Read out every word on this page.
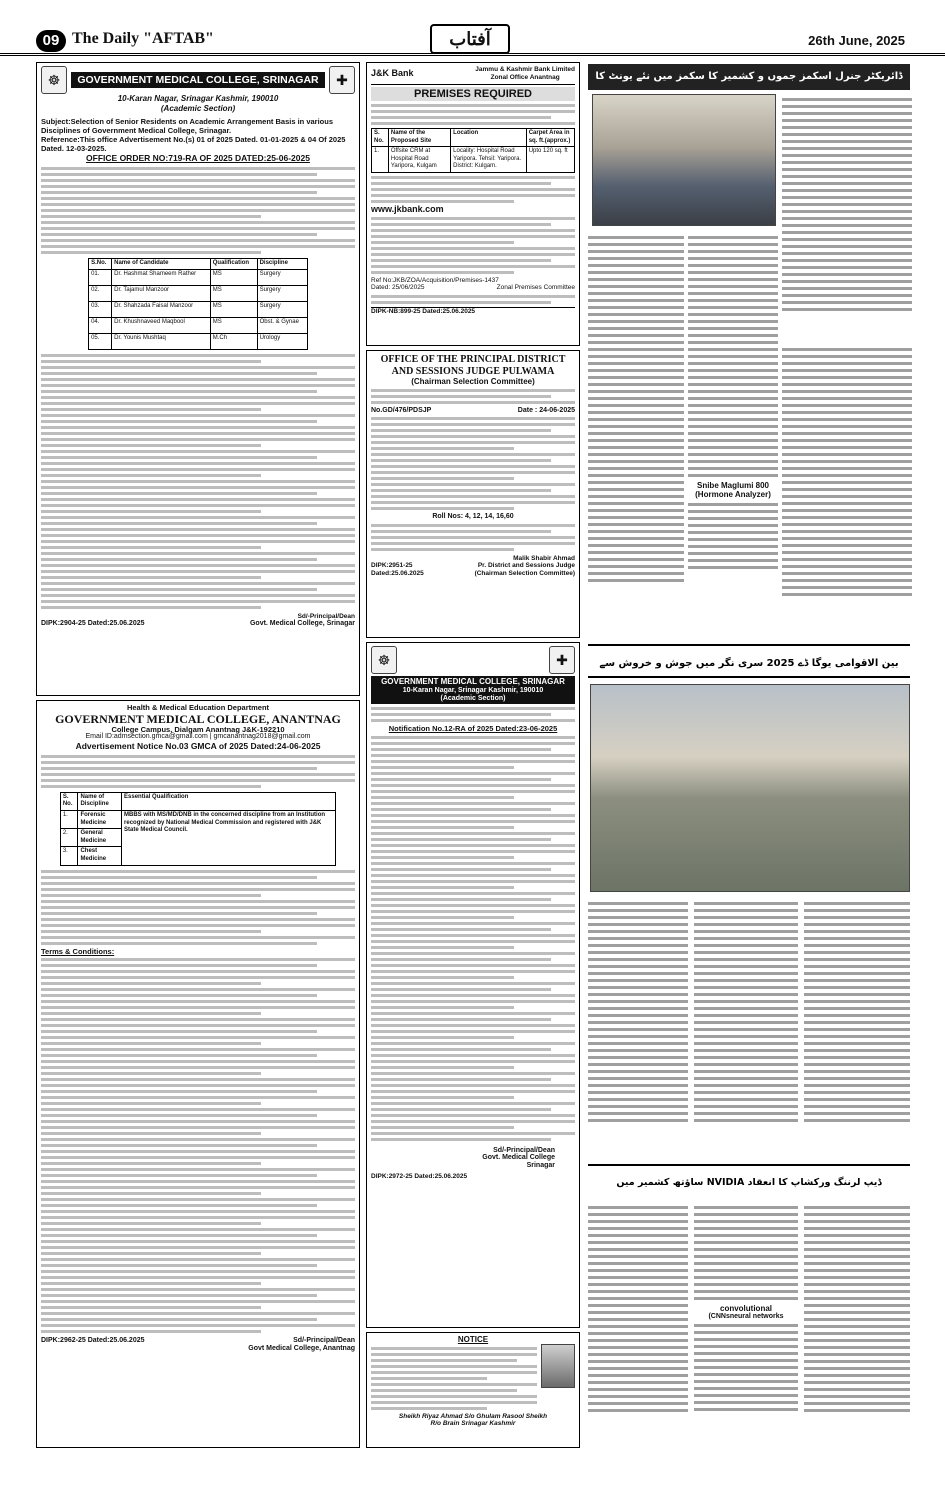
09 The Daily "AFTAB"	آفتاب	26th June, 2025
☸	GOVERNMENT MEDICAL COLLEGE, SRINAGAR	✚
10-Karan Nagar, Srinagar Kashmir, 190010
(Academic Section)
Subject:Selection of Senior Residents on Academic Arrangement Basis in various Disciplines of Government Medical College, Srinagar.
Reference:This office Advertisement No.(s) 01 of 2025 Dated. 01-01-2025 & 04 Of 2025 Dated. 12-03-2025.
OFFICE ORDER NO:719-RA OF 2025 DATED:25-06-2025
S.No.	Name of Candidate	Qualification	Discipline
01.	Dr. Hashmat Shameem Rather	MS	Surgery
02.	Dr. Tajamul Manzoor	MS	Surgery
03.	Dr. Shahzada Faisal Manzoor	MS	Surgery
04.	Dr. Khushnaveed Maqbool	MS	Obst. & Gynae
05.	Dr. Younis Mushtaq	M.Ch	Urology
Sd/-Principal/Dean
DIPK:2904-25 Dated:25.06.2025	Govt. Medical College, Srinagar
Health & Medical Education Department
GOVERNMENT MEDICAL COLLEGE, ANANTNAG
College Campus, Dialgam Anantnag J&K-192210
Email ID:admsection.gmca@gmail.com | gmcanantnag2018@gmail.com
Advertisement Notice No.03 GMCA of 2025 Dated:24-06-2025
S. No.	Name of Discipline	Essential Qualification
1.	Forensic Medicine	MBBS with MS/MD/DNB in the concerned discipline from an Institution recognized by National Medical Commission and registered with J&K State Medical Council.
2.	General Medicine	
3.	Chest Medicine	
Terms & Conditions:
DIPK:2962-25 Dated:25.06.2025	Sd/-Principal/Dean
Govt Medical College, Anantnag
J&K Bank	Jammu & Kashmir Bank Limited
Zonal Office Anantnag
PREMISES REQUIRED
S. No.	Name of the Proposed Site	Location	Carpet Area in sq. ft.(approx.)
1.	Offsite CRM at Hospital Road Yaripora, Kulgam	Locality: Hospital Road Yaripora. Tehsil: Yaripora. District: Kulgam.	Upto 120 sq. ft
www.jkbank.com
Ref No:JKB/ZOA/Acquisition/Premises-1437
Dated: 25/06/2025	Zonal Premises Committee
DIPK-NB:899-25 Dated:25.06.2025
OFFICE OF THE PRINCIPAL DISTRICT AND SESSIONS JUDGE PULWAMA
(Chairman Selection Committee)
No.GD/476/PDSJP	Date : 24-06-2025
Roll Nos: 4, 12, 14, 16,60
Malik Shabir Ahmad
DIPK:2951-25	Pr. District and Sessions Judge
Dated:25.06.2025	(Chairman Selection Committee)
☸	✚
GOVERNMENT MEDICAL COLLEGE, SRINAGAR
10-Karan Nagar, Srinagar Kashmir, 190010
(Academic Section)
Notification No.12-RA of 2025 Dated:23-06-2025
Sd/-Principal/Dean
Govt. Medical College
Srinagar
DIPK:2972-25 Dated:25.06.2025
NOTICE
Sheikh Riyaz Ahmad S/o Ghulam Rasool Sheikh
R/o Brain Srinagar Kashmir
ڈائریکٹر جنرل اسکمز جموں و کشمیر کا سکمز میں نئے یونٹ کا
Snibe Maglumi 800
(Hormone Analyzer)
بین الاقوامی یوگا ڈے 2025 سری نگر میں جوش و خروش سے
ساؤتھ کشمیر میں NVIDIA ڈیپ لرننگ ورکشاپ کا انعقاد
convolutional
(CNNsneural networks
